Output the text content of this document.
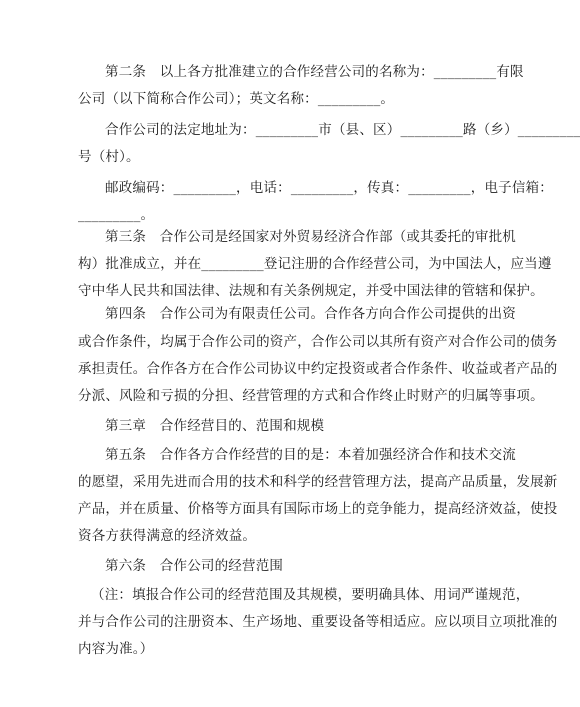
第二条　以上各方批准建立的合作经营公司的名称为：_________有限
公司（以下简称合作公司）；英文名称：_________。
合作公司的法定地址为：_________市（县、区）_________路（乡）_________
号（村）。
邮政编码：_________，电话：_________，传真：_________，电子信箱：
_________。
第三条　合作公司是经国家对外贸易经济合作部（或其委托的审批机
构）批准成立，并在_________登记注册的合作经营公司，为中国法人，应当遵
守中华人民共和国法律、法规和有关条例规定，并受中国法律的管辖和保护。
第四条　合作公司为有限责任公司。合作各方向合作公司提供的出资
或合作条件，均属于合作公司的资产，合作公司以其所有资产对合作公司的债务
承担责任。合作各方在合作公司协议中约定投资或者合作条件、收益或者产品的
分派、风险和亏损的分担、经营管理的方式和合作终止时财产的归属等事项。
第三章　合作经营目的、范围和规模
第五条　合作各方合作经营的目的是：本着加强经济合作和技术交流
的愿望，采用先进而合用的技术和科学的经营管理方法，提高产品质量，发展新
产品，并在质量、价格等方面具有国际市场上的竞争能力，提高经济效益，使投
资各方获得满意的经济效益。
第六条　合作公司的经营范围
（注：填报合作公司的经营范围及其规模，要明确具体、用词严谨规范，
并与合作公司的注册资本、生产场地、重要设备等相适应。应以项目立项批准的
内容为准。）
